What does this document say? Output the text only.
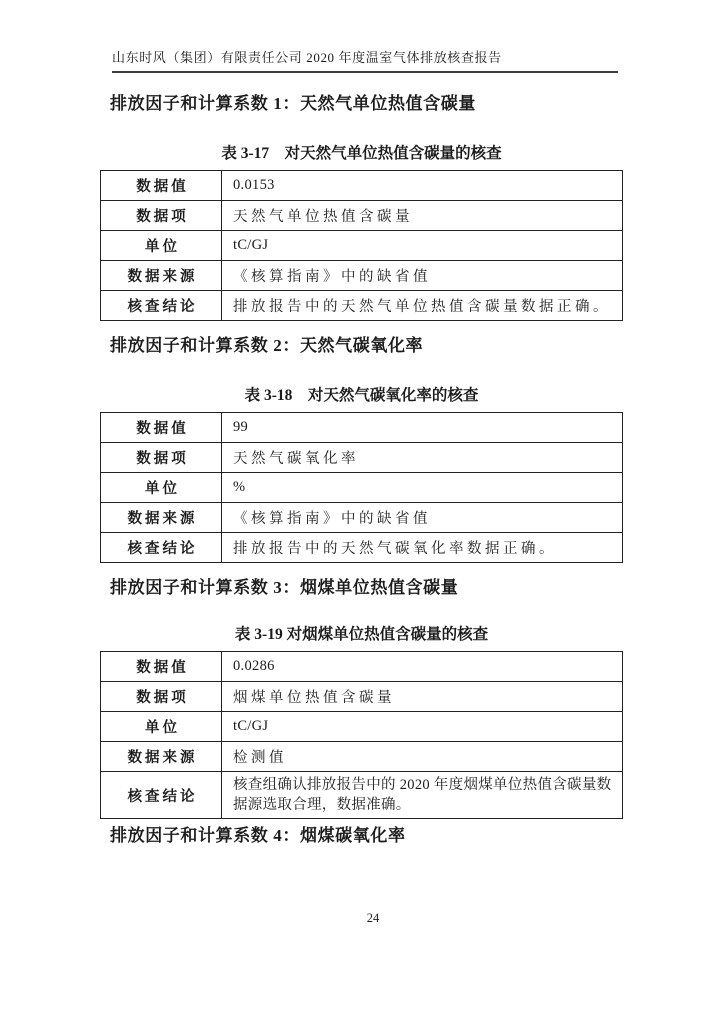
山东时风（集团）有限责任公司 2020 年度温室气体排放核查报告
排放因子和计算系数 1：天然气单位热值含碳量
表 3-17　对天然气单位热值含碳量的核查
数据值	0.0153
数据项	天然气单位热值含碳量
单位	tC/GJ
数据来源	《核算指南》中的缺省值
核查结论	排放报告中的天然气单位热值含碳量数据正确。
排放因子和计算系数 2：天然气碳氧化率
表 3-18　对天然气碳氧化率的核查
数据值	99
数据项	天然气碳氧化率
单位	%
数据来源	《核算指南》中的缺省值
核查结论	排放报告中的天然气碳氧化率数据正确。
排放因子和计算系数 3：烟煤单位热值含碳量
表 3-19 对烟煤单位热值含碳量的核查
数据值	0.0286
数据项	烟煤单位热值含碳量
单位	tC/GJ
数据来源	检测值
核查结论	核查组确认排放报告中的 2020 年度烟煤单位热值含碳量数据源选取合理，数据准确。
排放因子和计算系数 4：烟煤碳氧化率
24
